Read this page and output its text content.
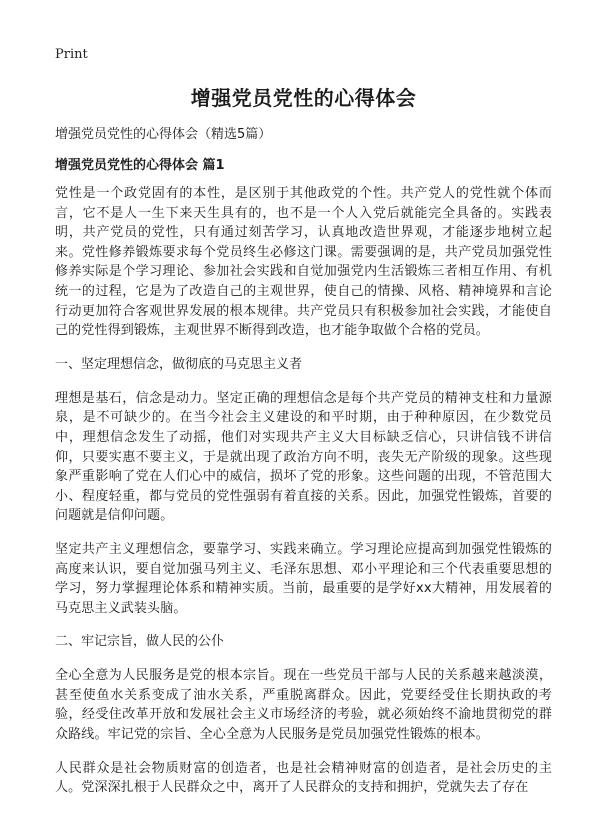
Print
增强党员党性的心得体会

增强党员党性的心得体会（精选5篇）

增强党员党性的心得体会 篇1

党性是一个政党固有的本性，是区别于其他政党的个性。共产党人的党性就个体而言，它不是人一生下来天生具有的，也不是一个人入党后就能完全具备的。实践表明，共产党员的党性，只有通过刻苦学习，认真地改造世界观，才能逐步地树立起来。党性修养锻炼要求每个党员终生必修这门课。需要强调的是，共产党员加强党性修养实际是个学习理论、参加社会实践和自觉加强党内生活锻炼三者相互作用、有机统一的过程，它是为了改造自己的主观世界，使自己的情操、风格、精神境界和言论行动更加符合客观世界发展的根本规律。共产党员只有积极参加社会实践，才能使自己的党性得到锻炼，主观世界不断得到改造，也才能争取做个合格的党员。

一、坚定理想信念，做彻底的马克思主义者

理想是基石，信念是动力。坚定正确的理想信念是每个共产党员的精神支柱和力量源泉，是不可缺少的。在当今社会主义建设的和平时期，由于种种原因，在少数党员中，理想信念发生了动摇，他们对实现共产主义大目标缺乏信心，只讲信钱不讲信仰，只要实惠不要主义，于是就出现了政治方向不明，丧失无产阶级的现象。这些现象严重影响了党在人们心中的威信，损坏了党的形象。这些问题的出现，不管范围大小、程度轻重，都与党员的党性强弱有着直接的关系。因此，加强党性锻炼，首要的问题就是信仰问题。

坚定共产主义理想信念，要靠学习、实践来确立。学习理论应提高到加强党性锻炼的高度来认识，要自觉加强马列主义、毛泽东思想、邓小平理论和三个代表重要思想的学习，努力掌握理论体系和精神实质。当前，最重要的是学好xx大精神，用发展着的马克思主义武装头脑。

二、牢记宗旨，做人民的公仆

全心全意为人民服务是党的根本宗旨。现在一些党员干部与人民的关系越来越淡漠，甚至使鱼水关系变成了油水关系，严重脱离群众。因此，党要经受住长期执政的考验，经受住改革开放和发展社会主义市场经济的考验，就必须始终不渝地贯彻党的群众路线。牢记党的宗旨、全心全意为人民服务是党员加强党性锻炼的根本。

人民群众是社会物质财富的创造者，也是社会精神财富的创造者，是社会历史的主人。党深深扎根于人民群众之中，离开了人民群众的支持和拥护，党就失去了存在
